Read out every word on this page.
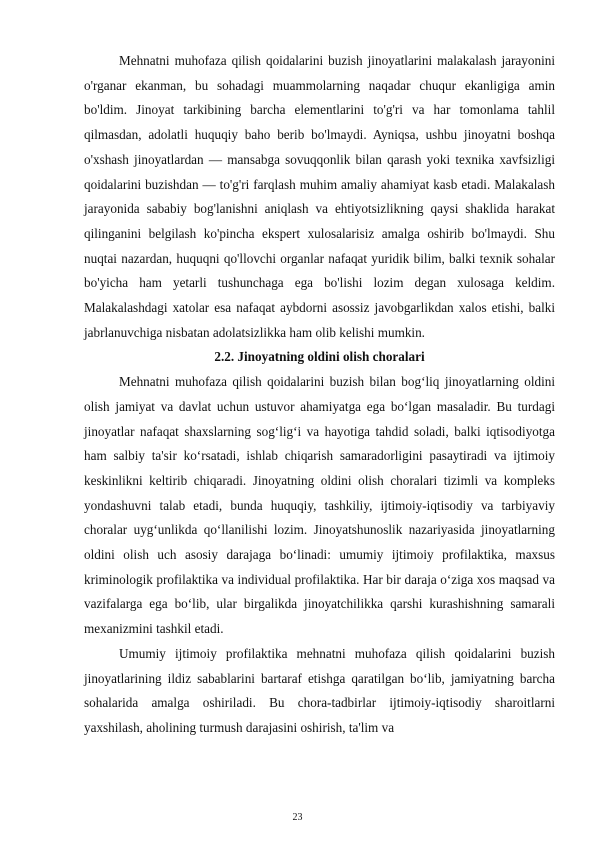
Mehnatni muhofaza qilish qoidalarini buzish jinoyatlarini malakalash jarayonini o'rganar ekanman, bu sohadagi muammolarning naqadar chuqur ekanligiga amin bo'ldim. Jinoyat tarkibining barcha elementlarini to'g'ri va har tomonlama tahlil qilmasdan, adolatli huquqiy baho berib bo'lmaydi. Ayniqsa, ushbu jinoyatni boshqa o'xshash jinoyatlardan — mansabga sovuqqonlik bilan qarash yoki texnika xavfsizligi qoidalarini buzishdan — to'g'ri farqlash muhim amaliy ahamiyat kasb etadi. Malakalash jarayonida sababiy bog'lanishni aniqlash va ehtiyotsizlikning qaysi shaklida harakat qilinganini belgilash ko'pincha ekspert xulosalarisiz amalga oshirib bo'lmaydi. Shu nuqtai nazardan, huquqni qo'llovchi organlar nafaqat yuridik bilim, balki texnik sohalar bo'yicha ham yetarli tushunchaga ega bo'lishi lozim degan xulosaga keldim. Malakalashdagi xatolar esa nafaqat aybdorni asossiz javobgarlikdan xalos etishi, balki jabrlanuvchiga nisbatan adolatsizlikka ham olib kelishi mumkin.

2.2. Jinoyatning oldini olish choralari

Mehnatni muhofaza qilish qoidalarini buzish bilan bog‘liq jinoyatlarning oldini olish jamiyat va davlat uchun ustuvor ahamiyatga ega bo‘lgan masaladir. Bu turdagi jinoyatlar nafaqat shaxslarning sog‘lig‘i va hayotiga tahdid soladi, balki iqtisodiyotga ham salbiy ta'sir ko‘rsatadi, ishlab chiqarish samaradorligini pasaytiradi va ijtimoiy keskinlikni keltirib chiqaradi. Jinoyatning oldini olish choralari tizimli va kompleks yondashuvni talab etadi, bunda huquqiy, tashkiliy, ijtimoiy-iqtisodiy va tarbiyaviy choralar uyg‘unlikda qo‘llanilishi lozim. Jinoyatshunoslik nazariyasida jinoyatlarning oldini olish uch asosiy darajaga bo‘linadi: umumiy ijtimoiy profilaktika, maxsus kriminologik profilaktika va individual profilaktika. Har bir daraja o‘ziga xos maqsad va vazifalarga ega bo‘lib, ular birgalikda jinoyatchilikka qarshi kurashishning samarali mexanizmini tashkil etadi.

Umumiy ijtimoiy profilaktika mehnatni muhofaza qilish qoidalarini buzish jinoyatlarining ildiz sabablarini bartaraf etishga qaratilgan bo‘lib, jamiyatning barcha sohalarida amalga oshiriladi. Bu chora-tadbirlar ijtimoiy-iqtisodiy sharoitlarni yaxshilash, aholining turmush darajasini oshirish, ta'lim va

23
